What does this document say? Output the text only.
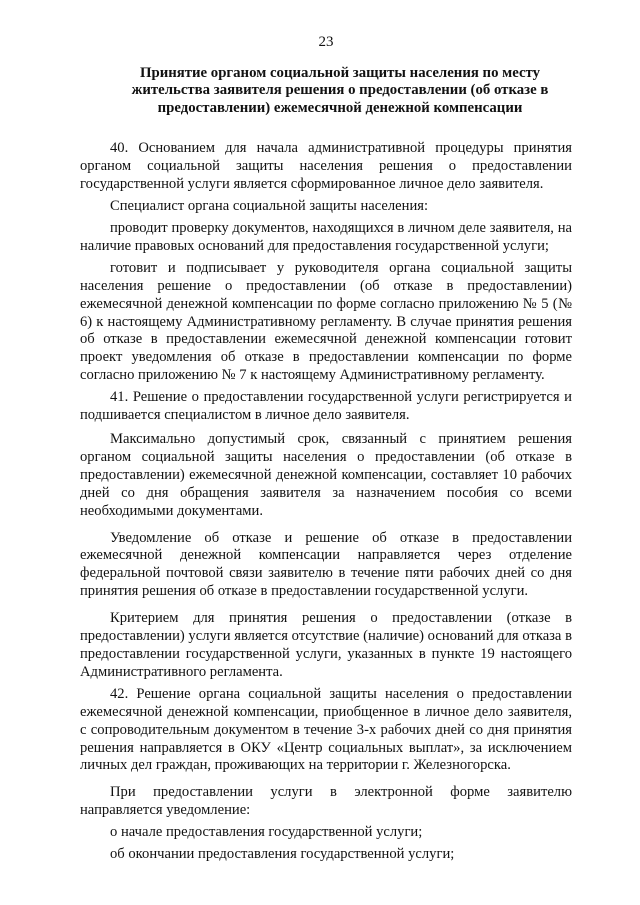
23
Принятие органом социальной защиты населения по месту
жительства заявителя решения о предоставлении (об отказе в
предоставлении) ежемесячной денежной компенсации

40. Основанием для начала административной процедуры принятия органом социальной защиты населения решения о предоставлении государственной услуги является сформированное личное дело заявителя.

Специалист органа социальной защиты населения:

проводит проверку документов, находящихся в личном деле заявителя, на наличие правовых оснований для предоставления государственной услуги;

готовит и подписывает у руководителя органа социальной защиты населения решение о предоставлении (об отказе в предоставлении) ежемесячной денежной компенсации по форме согласно приложению № 5 (№ 6) к настоящему Административному регламенту. В случае принятия решения об отказе в предоставлении ежемесячной денежной компенсации готовит проект уведомления об отказе в предоставлении компенсации по форме согласно приложению № 7 к настоящему Административному регламенту.

41. Решение о предоставлении государственной услуги регистрируется и подшивается специалистом в личное дело заявителя.

Максимально допустимый срок, связанный с принятием решения органом социальной защиты населения о предоставлении (об отказе в предоставлении) ежемесячной денежной компенсации, составляет 10 рабочих дней со дня обращения заявителя за назначением пособия со всеми необходимыми документами.

Уведомление об отказе и решение об отказе в предоставлении ежемесячной денежной компенсации направляется через отделение федеральной почтовой связи заявителю в течение пяти рабочих дней со дня принятия решения об отказе в предоставлении государственной услуги.

Критерием для принятия решения о предоставлении (отказе в предоставлении) услуги является отсутствие (наличие) оснований для отказа в предоставлении государственной услуги, указанных в пункте 19 настоящего Административного регламента.

42. Решение органа социальной защиты населения о предоставлении ежемесячной денежной компенсации, приобщенное в личное дело заявителя, с сопроводительным документом в течение 3-х рабочих дней со дня принятия решения направляется в ОКУ «Центр социальных выплат», за исключением личных дел граждан, проживающих на территории г. Железногорска.

При предоставлении услуги в электронной форме заявителю направляется уведомление:

о начале предоставления государственной услуги;

об окончании предоставления государственной услуги;
